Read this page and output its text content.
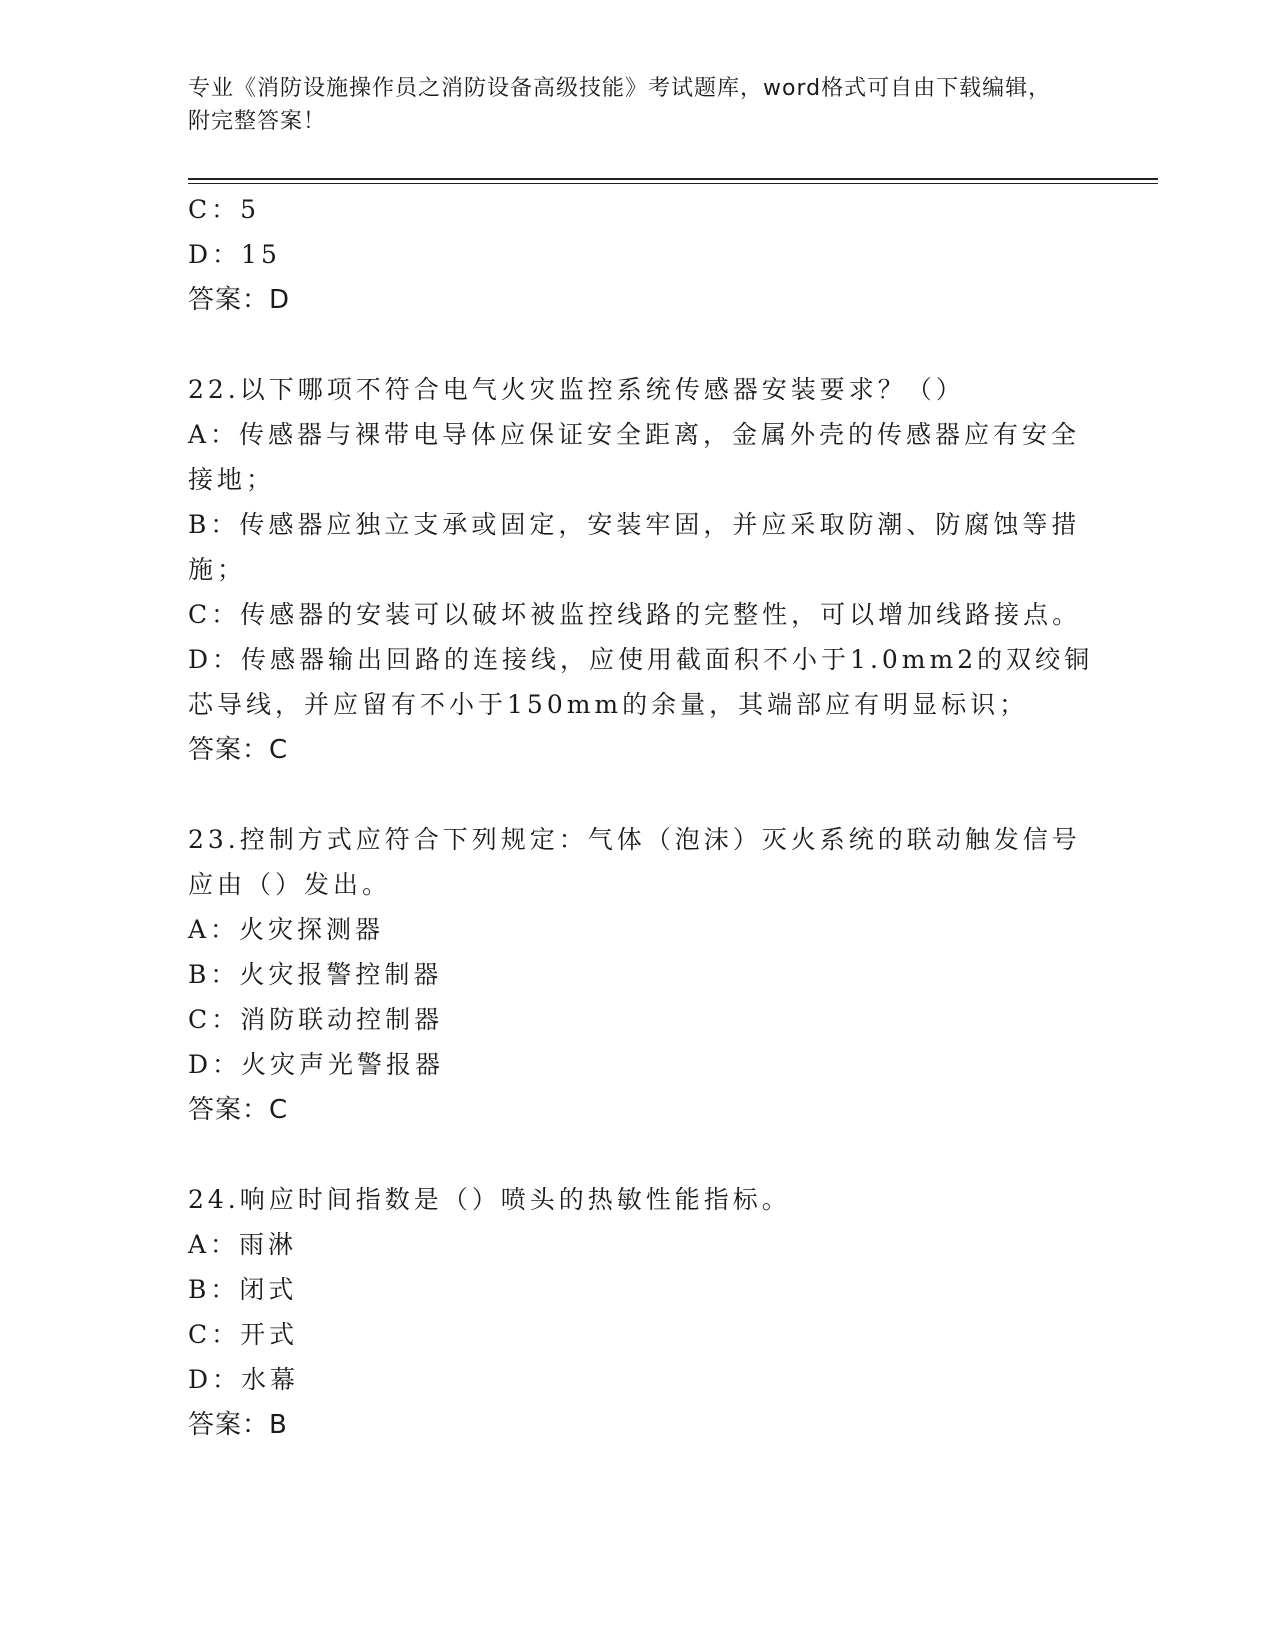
专业《消防设施操作员之消防设备高级技能》考试题库，word格式可自由下载编辑，附完整答案！
C：5
D：15
答案：D
22.以下哪项不符合电气火灾监控系统传感器安装要求？（）
A：传感器与裸带电导体应保证安全距离，金属外壳的传感器应有安全
接地；
B：传感器应独立支承或固定，安装牢固，并应采取防潮、防腐蚀等措
施；
C：传感器的安装可以破坏被监控线路的完整性，可以增加线路接点。
D：传感器输出回路的连接线，应使用截面积不小于1.0mm2的双绞铜
芯导线，并应留有不小于150mm的余量，其端部应有明显标识；
答案：C
23.控制方式应符合下列规定：气体（泡沫）灭火系统的联动触发信号
应由（）发出。
A：火灾探测器
B：火灾报警控制器
C：消防联动控制器
D：火灾声光警报器
答案：C
24.响应时间指数是（）喷头的热敏性能指标。
A：雨淋
B：闭式
C：开式
D：水幕
答案：B
